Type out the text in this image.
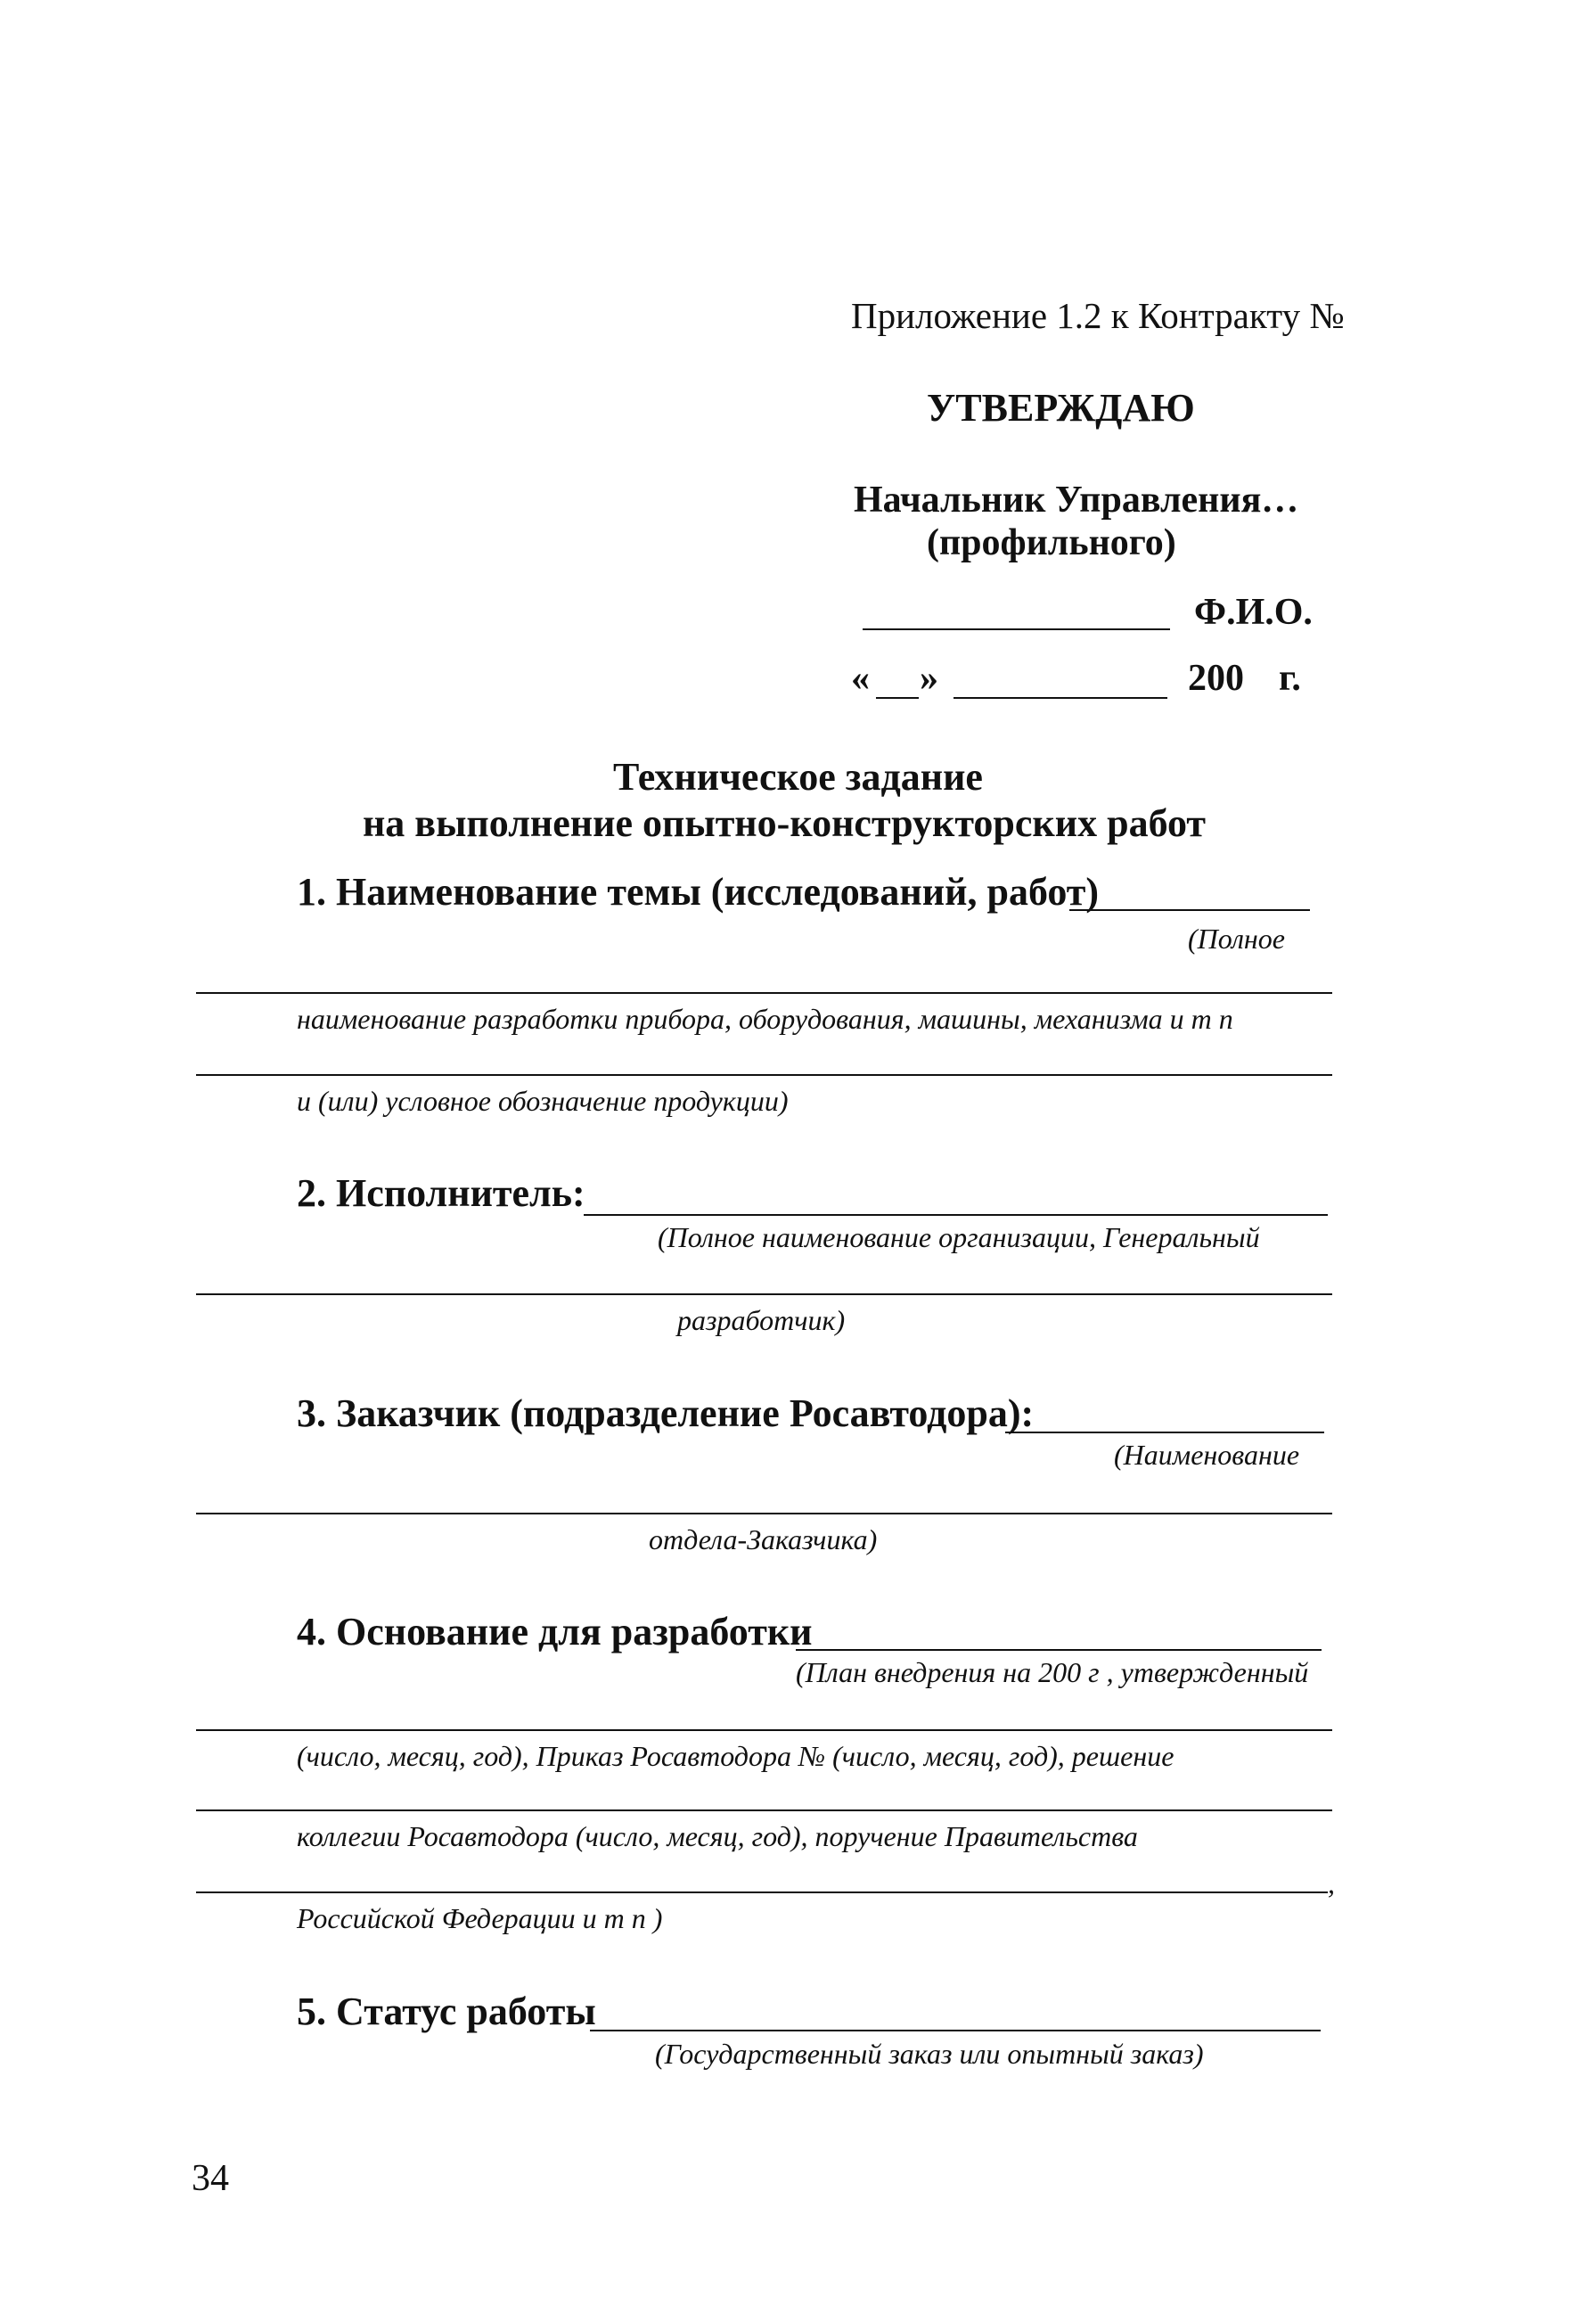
Приложение 1.2 к Контракту №
УТВЕРЖДАЮ
Начальник Управления…
(профильного)
Ф.И.О.
« »	200 г.
Техническое задание
на выполнение опытно-конструкторских работ
1. Наименование темы (исследований, работ)
(Полное
наименование разработки прибора, оборудования, машины, механизма и т п
и (или) условное обозначение продукции)
2. Исполнитель:
(Полное наименование организации, Генеральный
разработчик)
3. Заказчик (подразделение Росавтодора):
(Наименование
отдела-Заказчика)
4. Основание для разработки
(План внедрения на 200 г , утвержденный
(число, месяц, год), Приказ Росавтодора № (число, месяц, год), решение
коллегии Росавтодора (число, месяц, год), поручение Правительства
,
Российской Федерации и т п )
5. Статус работы
(Государственный заказ или опытный заказ)
34
